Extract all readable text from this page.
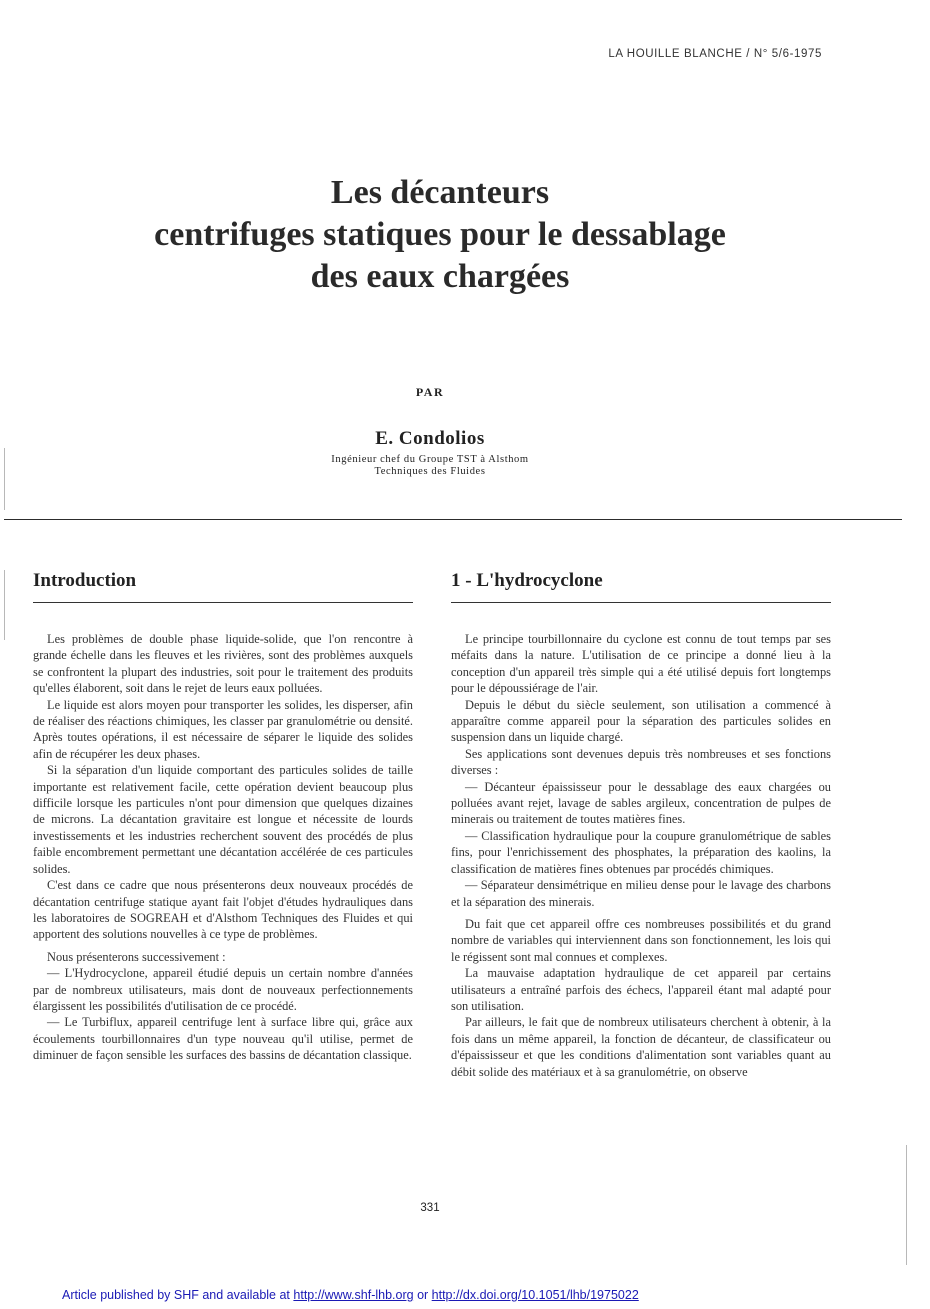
LA HOUILLE BLANCHE / N° 5/6-1975
Les décanteurs
centrifuges statiques pour le dessablage
des eaux chargées
PAR
E. Condolios
Ingénieur chef du Groupe TST à Alsthom
Techniques des Fluides
Introduction

Les problèmes de double phase liquide-solide, que l'on rencontre à grande échelle dans les fleuves et les rivières, sont des problèmes auxquels se confrontent la plupart des industries, soit pour le traitement des produits qu'elles élaborent, soit dans le rejet de leurs eaux polluées.

Le liquide est alors moyen pour transporter les solides, les disperser, afin de réaliser des réactions chimiques, les classer par granulométrie ou densité. Après toutes opérations, il est nécessaire de séparer le liquide des solides afin de récupérer les deux phases.

Si la séparation d'un liquide comportant des particules solides de taille importante est relativement facile, cette opération devient beaucoup plus difficile lorsque les particules n'ont pour dimension que quelques dizaines de microns. La décantation gravitaire est longue et nécessite de lourds investissements et les industries recherchent souvent des procédés de plus faible encombrement permettant une décantation accélérée de ces particules solides.

C'est dans ce cadre que nous présenterons deux nouveaux procédés de décantation centrifuge statique ayant fait l'objet d'études hydrauliques dans les laboratoires de SOGREAH et d'Alsthom Techniques des Fluides et qui apportent des solutions nouvelles à ce type de problèmes.

Nous présenterons successivement :

— L'Hydrocyclone, appareil étudié depuis un certain nombre d'années par de nombreux utilisateurs, mais dont de nouveaux perfectionnements élargissent les possibilités d'utilisation de ce procédé.

— Le Turbiflux, appareil centrifuge lent à surface libre qui, grâce aux écoulements tourbillonnaires d'un type nouveau qu'il utilise, permet de diminuer de façon sensible les surfaces des bassins de décantation classique.

1 - L'hydrocyclone

Le principe tourbillonnaire du cyclone est connu de tout temps par ses méfaits dans la nature. L'utilisation de ce principe a donné lieu à la conception d'un appareil très simple qui a été utilisé depuis fort longtemps pour le dépoussiérage de l'air.

Depuis le début du siècle seulement, son utilisation a commencé à apparaître comme appareil pour la séparation des particules solides en suspension dans un liquide chargé.

Ses applications sont devenues depuis très nombreuses et ses fonctions diverses :

— Décanteur épaississeur pour le dessablage des eaux chargées ou polluées avant rejet, lavage de sables argileux, concentration de pulpes de minerais ou traitement de toutes matières fines.

— Classification hydraulique pour la coupure granulométrique de sables fins, pour l'enrichissement des phosphates, la préparation des kaolins, la classification de matières fines obtenues par procédés chimiques.

— Séparateur densimétrique en milieu dense pour le lavage des charbons et la séparation des minerais.

Du fait que cet appareil offre ces nombreuses possibilités et du grand nombre de variables qui interviennent dans son fonctionnement, les lois qui le régissent sont mal connues et complexes.

La mauvaise adaptation hydraulique de cet appareil par certains utilisateurs a entraîné parfois des échecs, l'appareil étant mal adapté pour son utilisation.

Par ailleurs, le fait que de nombreux utilisateurs cherchent à obtenir, à la fois dans un même appareil, la fonction de décanteur, de classificateur ou d'épaississeur et que les conditions d'alimentation sont variables quant au débit solide des matériaux et à sa granulométrie, on observe

331
Article published by SHF and available at http://www.shf-lhb.org or http://dx.doi.org/10.1051/lhb/1975022
